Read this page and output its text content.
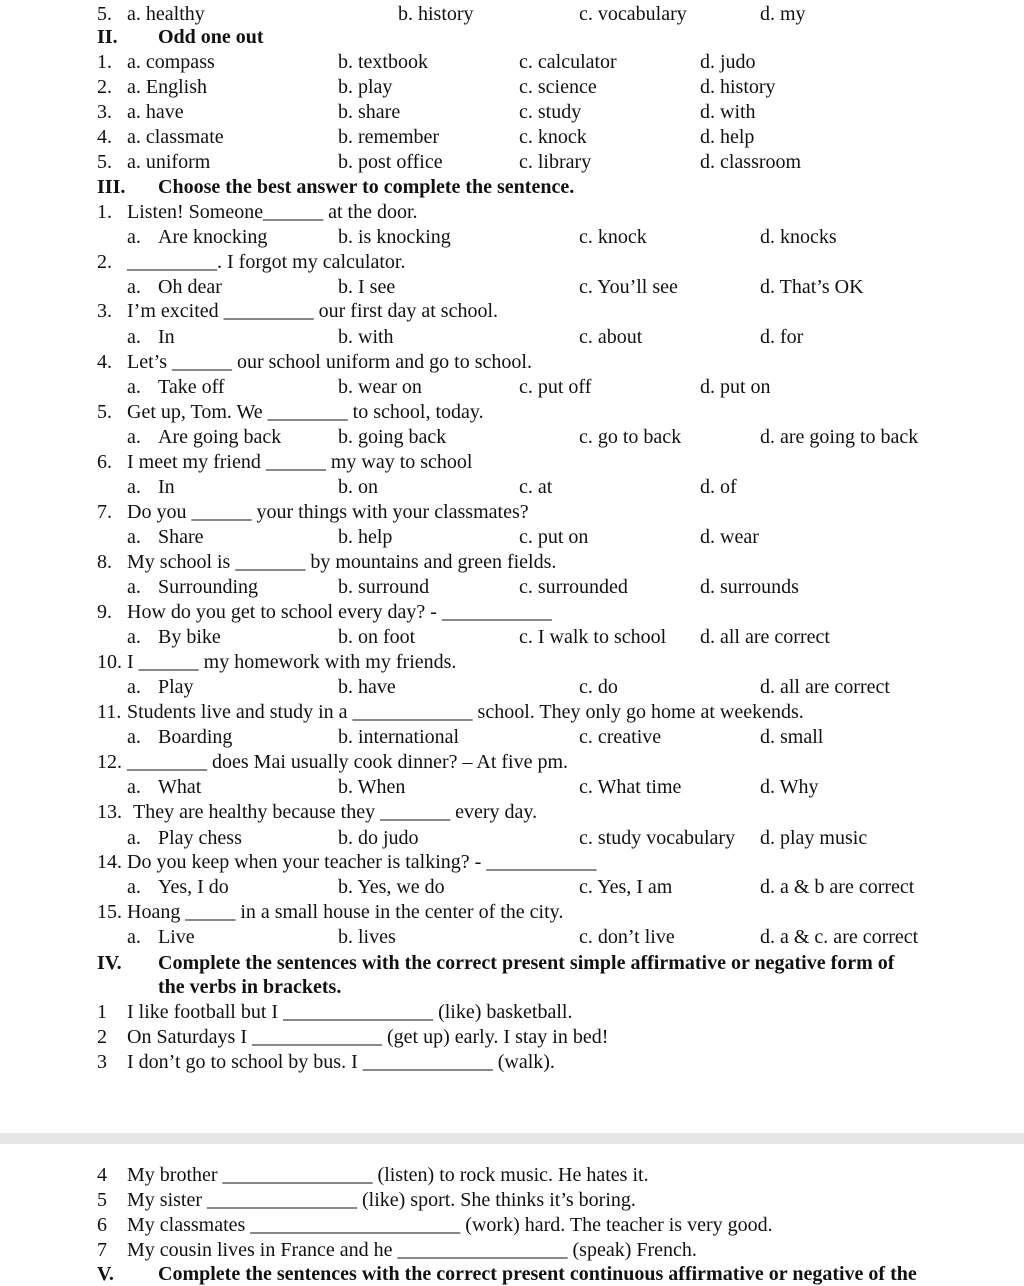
5. a. healthy	b. history	c. vocabulary	d. my
II. Odd one out
1. a. compass	b. textbook	c. calculator	d. judo
2. a. English	b. play	c. science	d. history
3. a. have	b. share	c. study	d. with
4. a. classmate	b. remember	c. knock	d. help
5. a. uniform	b. post office	c. library	d. classroom
III. Choose the best answer to complete the sentence.
1. Listen! Someone______ at the door.
a. Are knocking	b. is knocking	c. knock	d. knocks
2. _________. I forgot my calculator.
a. Oh dear	b. I see	c. You’ll see	d. That’s OK
3. I’m excited _________ our first day at school.
a. In	b. with	c. about	d. for
4. Let’s ______ our school uniform and go to school.
a. Take off	b. wear on	c. put off	d. put on
5. Get up, Tom. We ________ to school, today.
a. Are going back	b. going back	c. go to back	d. are going to back
6. I meet my friend ______ my way to school
a. In	b. on	c. at	d. of
7. Do you ______ your things with your classmates?
a. Share	b. help	c. put on	d. wear
8. My school is _______ by mountains and green fields.
a. Surrounding	b. surround	c. surrounded	d. surrounds
9. How do you get to school every day? - ___________
a. By bike	b. on foot	c. I walk to school d. all are correct
10. I ______ my homework with my friends.
a. Play	b. have	c. do	d. all are correct
11. Students live and study in a ____________ school. They only go home at weekends.
a. Boarding	b. international	c. creative	d. small
12. ________ does Mai usually cook dinner? – At five pm.
a. What	b. When	c. What time	d. Why
13. They are healthy because they _______ every day.
a. Play chess	b. do judo	c. study vocabulary d. play music
14. Do you keep when your teacher is talking? - ___________
a. Yes, I do	b. Yes, we do	c. Yes, I am	d. a & b are correct
15. Hoang _____ in a small house in the center of the city.
a. Live	b. lives	c. don’t live	d. a & c. are correct
IV. Complete the sentences with the correct present simple affirmative or negative form of
the verbs in brackets.
1 I like football but I _______________ (like) basketball.
2 On Saturdays I _____________ (get up) early. I stay in bed!
3 I don’t go to school by bus. I _____________ (walk).
4 My brother _______________ (listen) to rock music. He hates it.
5 My sister _______________ (like) sport. She thinks it’s boring.
6 My classmates _____________________ (work) hard. The teacher is very good.
7 My cousin lives in France and he _________________ (speak) French.
V. Complete the sentences with the correct present continuous affirmative or negative of the
